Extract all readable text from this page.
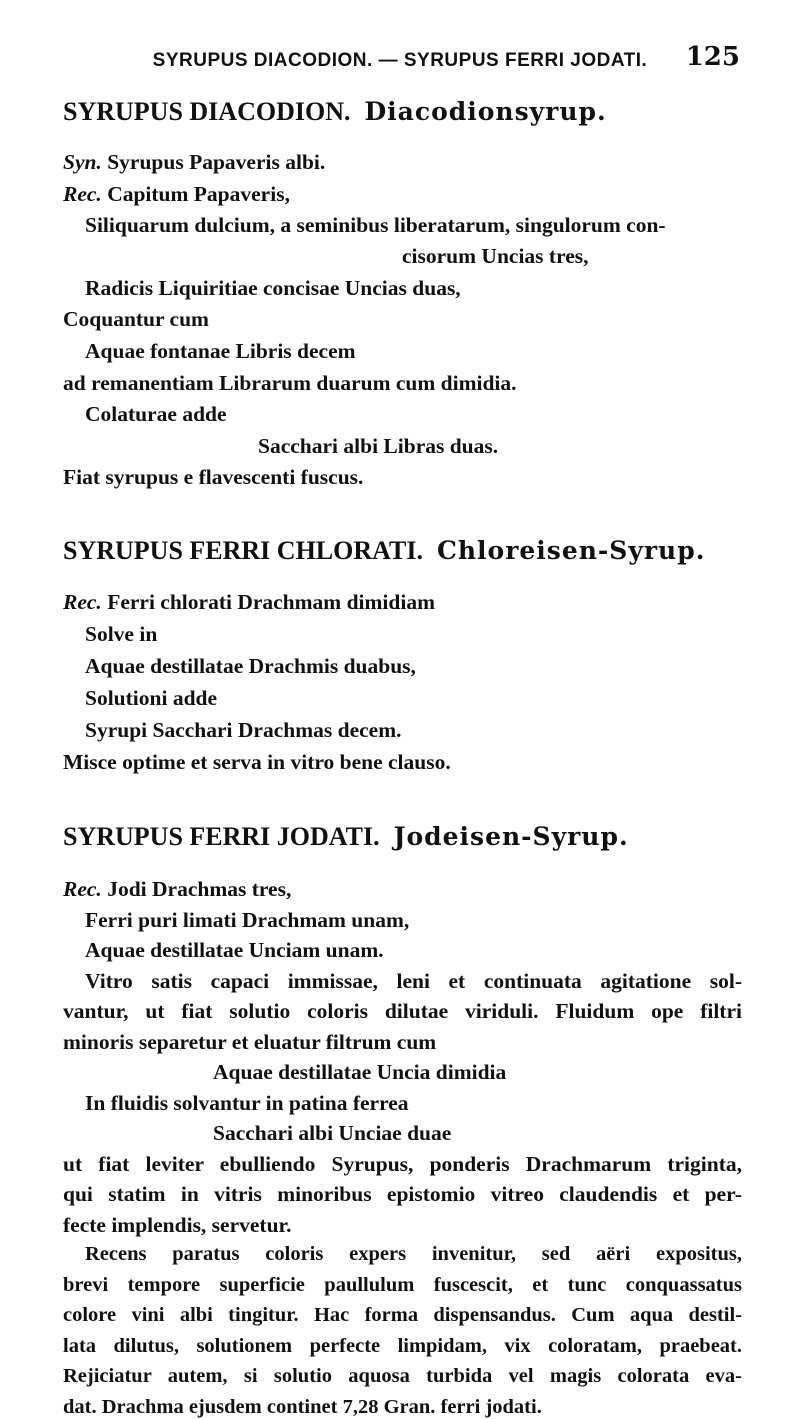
SYRUPUS DIACODION. — SYRUPUS FERRI JODATI.	125
SYRUPUS DIACODION. Diacodionsyrup.
Syn. Syrupus Papaveris albi.
Rec. Capitum Papaveris,
Siliquarum dulcium, a seminibus liberatarum, singulorum con-
cisorum Uncias tres,
Radicis Liquiritiae concisae Uncias duas,
Coquantur cum
Aquae fontanae Libris decem
ad remanentiam Librarum duarum cum dimidia.
Colaturae adde
Sacchari albi Libras duas.
Fiat syrupus e flavescenti fuscus.
SYRUPUS FERRI CHLORATI. Chloreisen-Syrup.
Rec. Ferri chlorati Drachmam dimidiam
Solve in
Aquae destillatae Drachmis duabus,
Solutioni adde
Syrupi Sacchari Drachmas decem.
Misce optime et serva in vitro bene clauso.
SYRUPUS FERRI JODATI. Jodeisen-Syrup.
Rec. Jodi Drachmas tres,
Ferri puri limati Drachmam unam,
Aquae destillatae Unciam unam.
Vitro satis capaci immissae, leni et continuata agitatione sol-
vantur, ut fiat solutio coloris dilutae viriduli. Fluidum ope filtri
minoris separetur et eluatur filtrum cum
Aquae destillatae Uncia dimidia
In fluidis solvantur in patina ferrea
Sacchari albi Unciae duae
ut fiat leviter ebulliendo Syrupus, ponderis Drachmarum triginta,
qui statim in vitris minoribus epistomio vitreo claudendis et per-
fecte implendis, servetur.
Recens paratus coloris expers invenitur, sed aëri expositus,
brevi tempore superficie paullulum fuscescit, et tunc conquassatus
colore vini albi tingitur. Hac forma dispensandus. Cum aqua destil-
lata dilutus, solutionem perfecte limpidam, vix coloratam, praebeat.
Rejiciatur autem, si solutio aquosa turbida vel magis colorata eva-
dat. Drachma ejusdem continet 7,28 Gran. ferri jodati.
